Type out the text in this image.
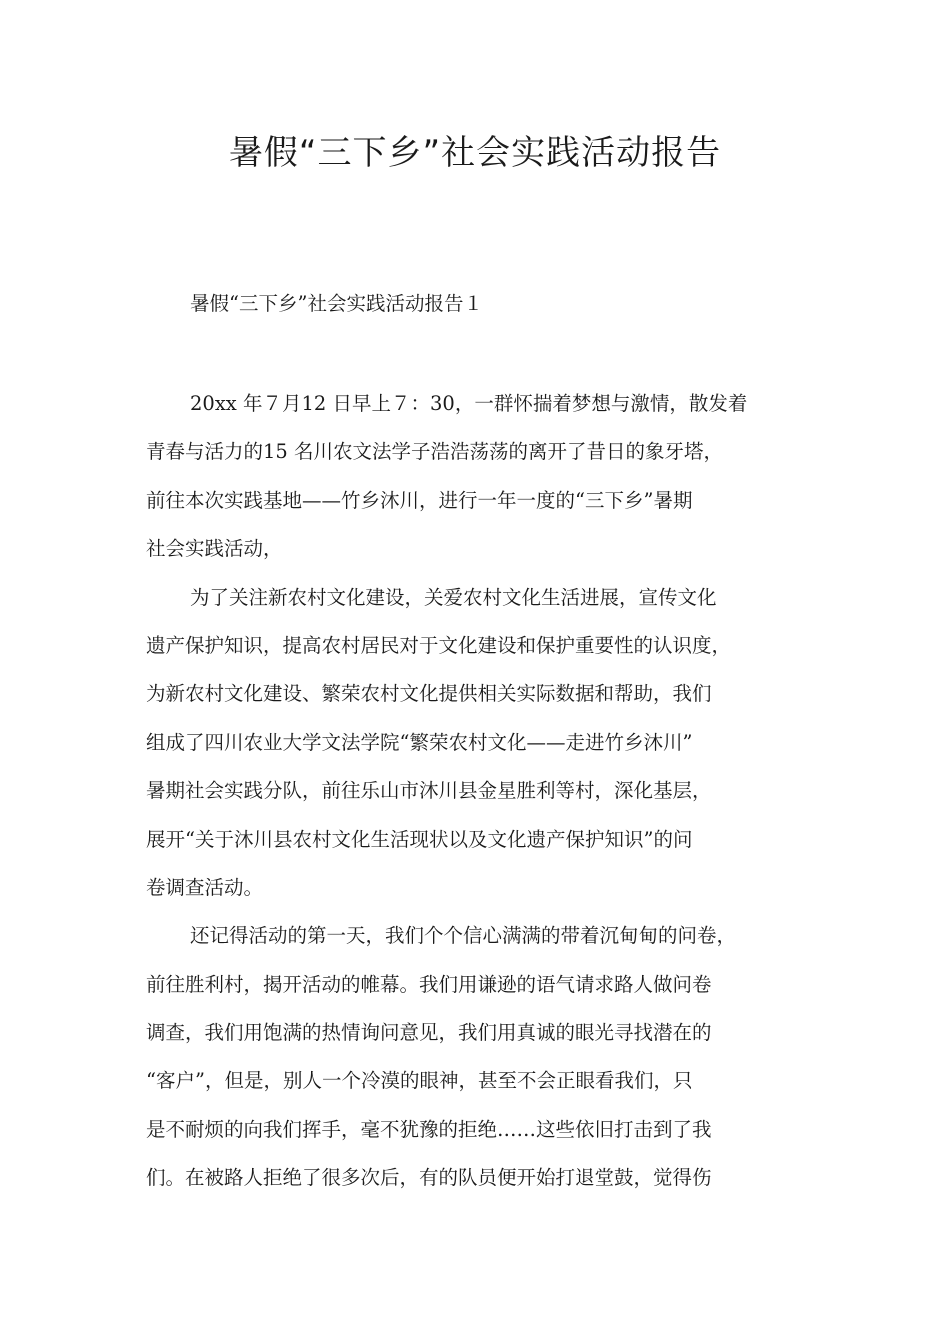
暑假“三下乡”社会实践活动报告

暑假“三下乡”社会实践活动报告１

20xx 年７月12 日早上７：30，一群怀揣着梦想与激情，散发着
青春与活力的15 名川农文法学子浩浩荡荡的离开了昔日的象牙塔，
前往本次实践基地——竹乡沐川，进行一年一度的“三下乡”暑期
社会实践活动，
为了关注新农村文化建设，关爱农村文化生活进展，宣传文化
遗产保护知识，提高农村居民对于文化建设和保护重要性的认识度，
为新农村文化建设、繁荣农村文化提供相关实际数据和帮助，我们
组成了四川农业大学文法学院“繁荣农村文化——走进竹乡沐川”
暑期社会实践分队，前往乐山市沐川县金星胜利等村，深化基层，
展开“关于沐川县农村文化生活现状以及文化遗产保护知识”的问
卷调查活动。
还记得活动的第一天，我们个个信心满满的带着沉甸甸的问卷，
前往胜利村，揭开活动的帷幕。我们用谦逊的语气请求路人做问卷
调查，我们用饱满的热情询问意见，我们用真诚的眼光寻找潜在的
“客户”，但是，别人一个冷漠的眼神，甚至不会正眼看我们，只
是不耐烦的向我们挥手，毫不犹豫的拒绝……这些依旧打击到了我
们。在被路人拒绝了很多次后，有的队员便开始打退堂鼓，觉得伤
